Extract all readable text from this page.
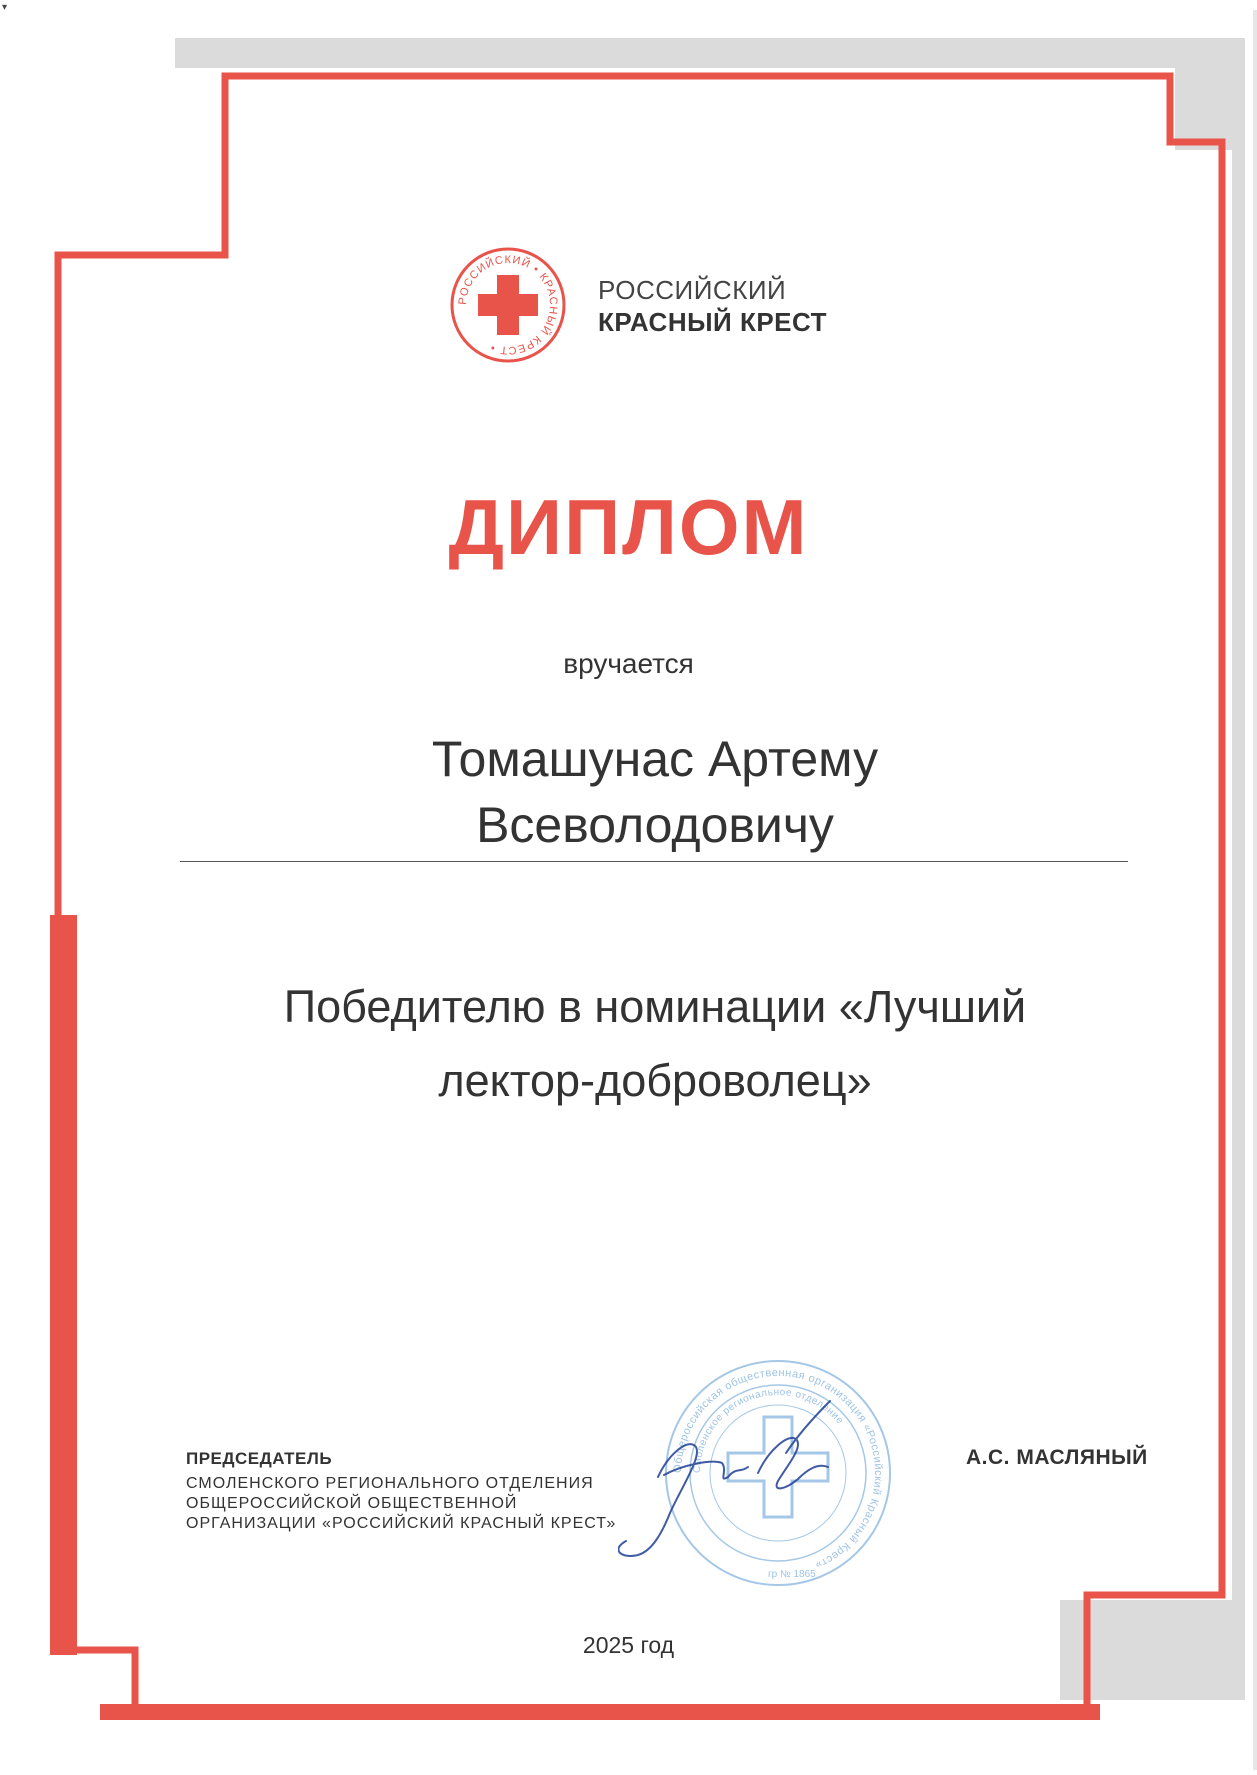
▾
РОССИЙСКИЙ • КРАСНЫЙ КРЕСТ •
РОССИЙСКИЙ
КРАСНЫЙ КРЕСТ
ДИПЛОМ
вручается
Томашунас Артему
Всеволодовичу
Победителю в номинации «Лучший
лектор-доброволец»
ПРЕДСЕДАТЕЛЬ
СМОЛЕНСКОГО РЕГИОНАЛЬНОГО ОТДЕЛЕНИЯ
ОБЩЕРОССИЙСКОЙ ОБЩЕСТВЕННОЙ
ОРГАНИЗАЦИИ «РОССИЙСКИЙ КРАСНЫЙ КРЕСТ»
А.С. МАСЛЯНЫЙ
Общероссийская общественная организация «Российский Красный Крест»
Смоленское региональное отделение
гр № 1865
2025 год
